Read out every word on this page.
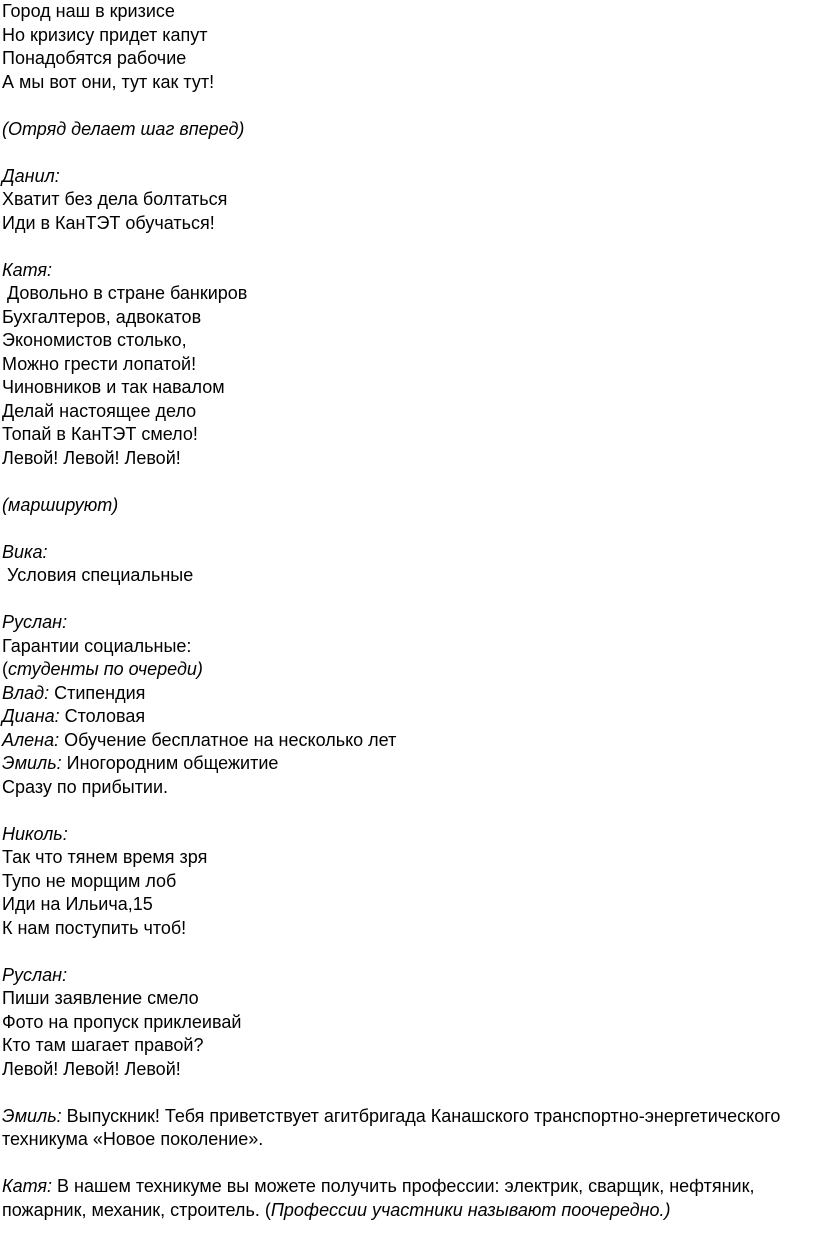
Город наш в кризисе
Но кризису придет капут
Понадобятся рабочие
А мы вот они, тут как тут!
(Отряд делает шаг вперед)
Данил:
Хватит без дела болтаться
Иди в КанТЭТ обучаться!
Катя:
Довольно в стране банкиров
Бухгалтеров, адвокатов
Экономистов столько,
Можно грести лопатой!
Чиновников и так навалом
Делай настоящее дело
Топай в КанТЭТ смело!
Левой! Левой! Левой!
(маршируют)
Вика:
Условия специальные
Руслан:
Гарантии социальные:
(студенты по очереди)
Влад: Стипендия
Диана: Столовая
Алена: Обучение бесплатное на несколько лет
Эмиль: Иногородним общежитие
Сразу по прибытии.
Николь:
Так что тянем время зря
Тупо не морщим лоб
Иди на Ильича,15
К нам поступить чтоб!
Руслан:
Пиши заявление смело
Фото на пропуск приклеивай
Кто там шагает правой?
Левой! Левой! Левой!

Эмиль: Выпускник! Тебя приветствует агитбригада Канашского транспортно-энергетического техникума «Новое поколение».

Катя: В нашем техникуме вы можете получить профессии: электрик, сварщик, нефтяник, пожарник, механик, строитель. (Профессии участники называют поочередно.)
